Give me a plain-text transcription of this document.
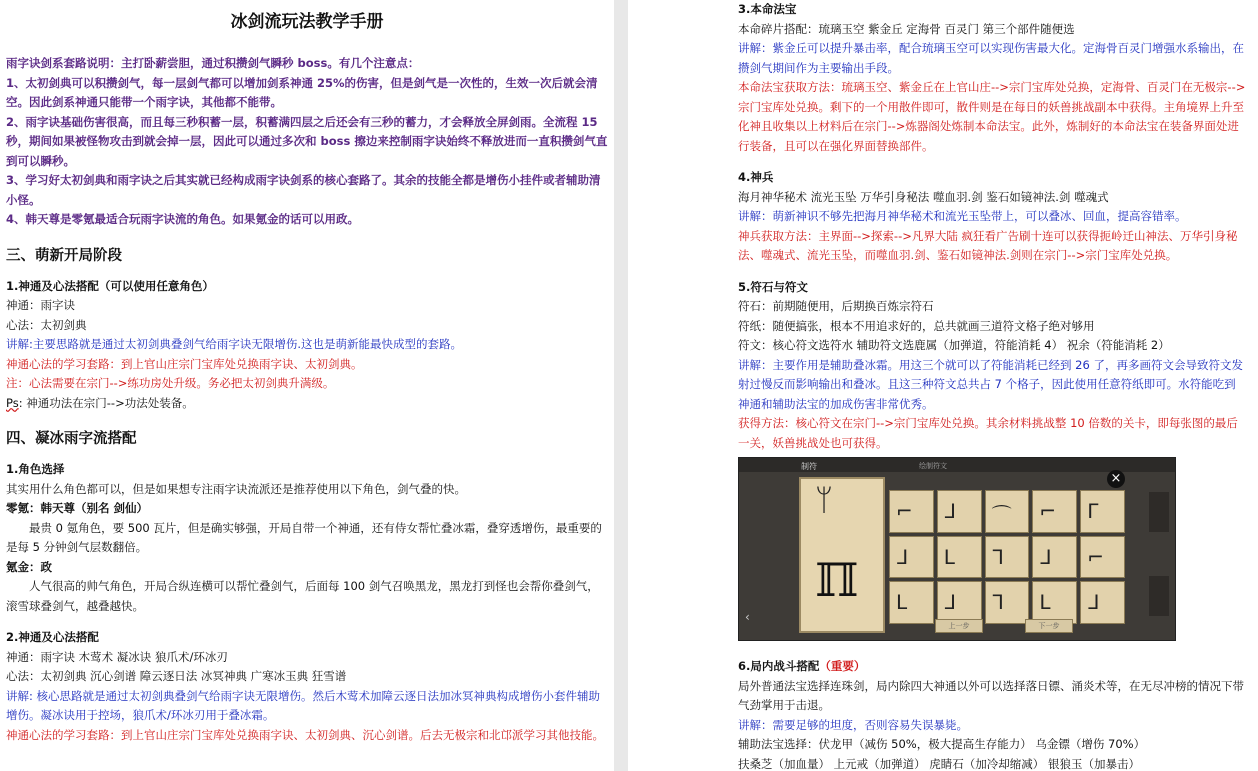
冰剑流玩法教学手册

雨字诀剑系套路说明：主打卧薪尝胆，通过积攒剑气瞬秒 boss。有几个注意点：

1、太初剑典可以积攒剑气，每一层剑气都可以增加剑系神通 25%的伤害，但是剑气是一次性的，生效一次后就会清空。因此剑系神通只能带一个雨字诀，其他都不能带。

2、雨字诀基础伤害很高，而且每三秒积蓄一层，积蓄满四层之后还会有三秒的蓄力，才会释放全屏剑雨。全流程 15 秒，期间如果被怪物攻击到就会掉一层，因此可以通过多次和 boss 擦边来控制雨字诀始终不释放进而一直积攒剑气直到可以瞬秒。

3、学习好太初剑典和雨字诀之后其实就已经构成雨字诀剑系的核心套路了。其余的技能全都是增伤小挂件或者辅助清小怪。

4、韩天尊是零氪最适合玩雨字诀流的角色。如果氪金的话可以用政。

三、萌新开局阶段

1.神通及心法搭配（可以使用任意角色）

神通：雨字诀

心法：太初剑典

讲解:主要思路就是通过太初剑典叠剑气给雨字诀无限增伤.这也是萌新能最快成型的套路。

神通心法的学习套路：到上官山庄宗门宝库处兑换雨字诀、太初剑典。

注：心法需要在宗门-->练功房处升级。务必把太初剑典升满级。

Ps: 神通功法在宗门-->功法处装备。

四、凝冰雨字流搭配

1.角色选择

其实用什么角色都可以，但是如果想专注雨字诀流派还是推荐使用以下角色，剑气叠的快。

零氪：韩天尊（别名 剑仙）

最贵 0 氪角色，要 500 瓦片，但是确实够强，开局自带一个神通，还有侍女帮忙叠冰霜，叠穿透增伤，最重要的是每 5 分钟剑气层数翻倍。

氪金：政

人气很高的帅气角色，开局合纵连横可以帮忙叠剑气，后面每 100 剑气召唤黑龙，黑龙打到怪也会帮你叠剑气，滚雪球叠剑气，越叠越快。

2.神通及心法搭配

神通：雨字诀 木莺术 凝冰诀 狼爪术/环冰刃

心法：太初剑典 沉心剑谱 障云逐日法 冰冥神典 广寒冰玉典 狂雪谱

讲解: 核心思路就是通过太初剑典叠剑气给雨字诀无限增伤。然后木莺术加障云逐日法加冰冥神典构成增伤小套件辅助增伤。凝冰诀用于控场，狼爪术/环冰刃用于叠冰霜。

神通心法的学习套路：到上官山庄宗门宝库处兑换雨字诀、太初剑典、沉心剑谱。后去无极宗和北邙派学习其他技能。

3.本命法宝

本命碎片搭配：琉璃玉空 紫金丘 定海骨 百灵门 第三个部件随便选

讲解：紫金丘可以提升暴击率，配合琉璃玉空可以实现伤害最大化。定海骨百灵门增强水系输出，在攒剑气期间作为主要输出手段。

本命法宝获取方法：琉璃玉空、紫金丘在上官山庄-->宗门宝库处兑换，定海骨、百灵门在无极宗-->宗门宝库处兑换。剩下的一个用散件即可，散件则是在每日的妖兽挑战副本中获得。主角境界上升至化神且收集以上材料后在宗门-->炼器阁处炼制本命法宝。此外，炼制好的本命法宝在装备界面处进行装备，且可以在强化界面替换部件。

4.神兵

海月神华秘术 流光玉坠 万华引身秘法 噬血羽.剑 鉴石如镜神法.剑 噬魂式

讲解：萌新神识不够先把海月神华秘术和流光玉坠带上，可以叠冰、回血，提高容错率。

神兵获取方法：主界面-->探索-->凡界大陆 疯狂看广告刷十连可以获得扼岭迁山神法、万华引身秘法、噬魂式、流光玉坠，而噬血羽.剑、鉴石如镜神法.剑则在宗门-->宗门宝库处兑换。

5.符石与符文

符石：前期随便用，后期换百炼宗符石

符纸：随便搞张，根本不用追求好的，总共就画三道符文格子绝对够用

符文：核心符文选符水 辅助符文选鹿属（加弹道，符能消耗 4） 祝余（符能消耗 2）

讲解：主要作用是辅助叠冰霜。用这三个就可以了符能消耗已经到 26 了，再多画符文会导致符文发射过慢反而影响输出和叠冰。且这三种符文总共占 7 个格子，因此使用任意符纸即可。水符能吃到神通和辅助法宝的加成伤害非常优秀。

获得方法：核心符文在宗门-->宗门宝库处兑换。其余材料挑战整 10 倍数的关卡，即每张图的最后一关，妖兽挑战处也可获得。

制符	绘制符文
×
ᛘ
ℿ
⌐ ᒧ ⌒ ⌐ ᒥ
ᒧ ᒪ ᒣ ᒧ ⌐
ᒪ ᒧ ᒣ ᒪ ᒧ
上一步	下一步
‹

6.局内战斗搭配（重要）

局外普通法宝选择连珠剑，局内除四大神通以外可以选择落日镖、涌炎术等，在无尽冲榜的情况下带气劲掌用于击退。

讲解：需要足够的坦度，否则容易失误暴毙。

辅助法宝选择：伏龙甲（减伤 50%，极大提高生存能力） 乌金镖（增伤 70%）

扶桑芝（加血量） 上元戒（加弹道） 虎睛石（加冷却缩减） 银狼玉（加暴击）
